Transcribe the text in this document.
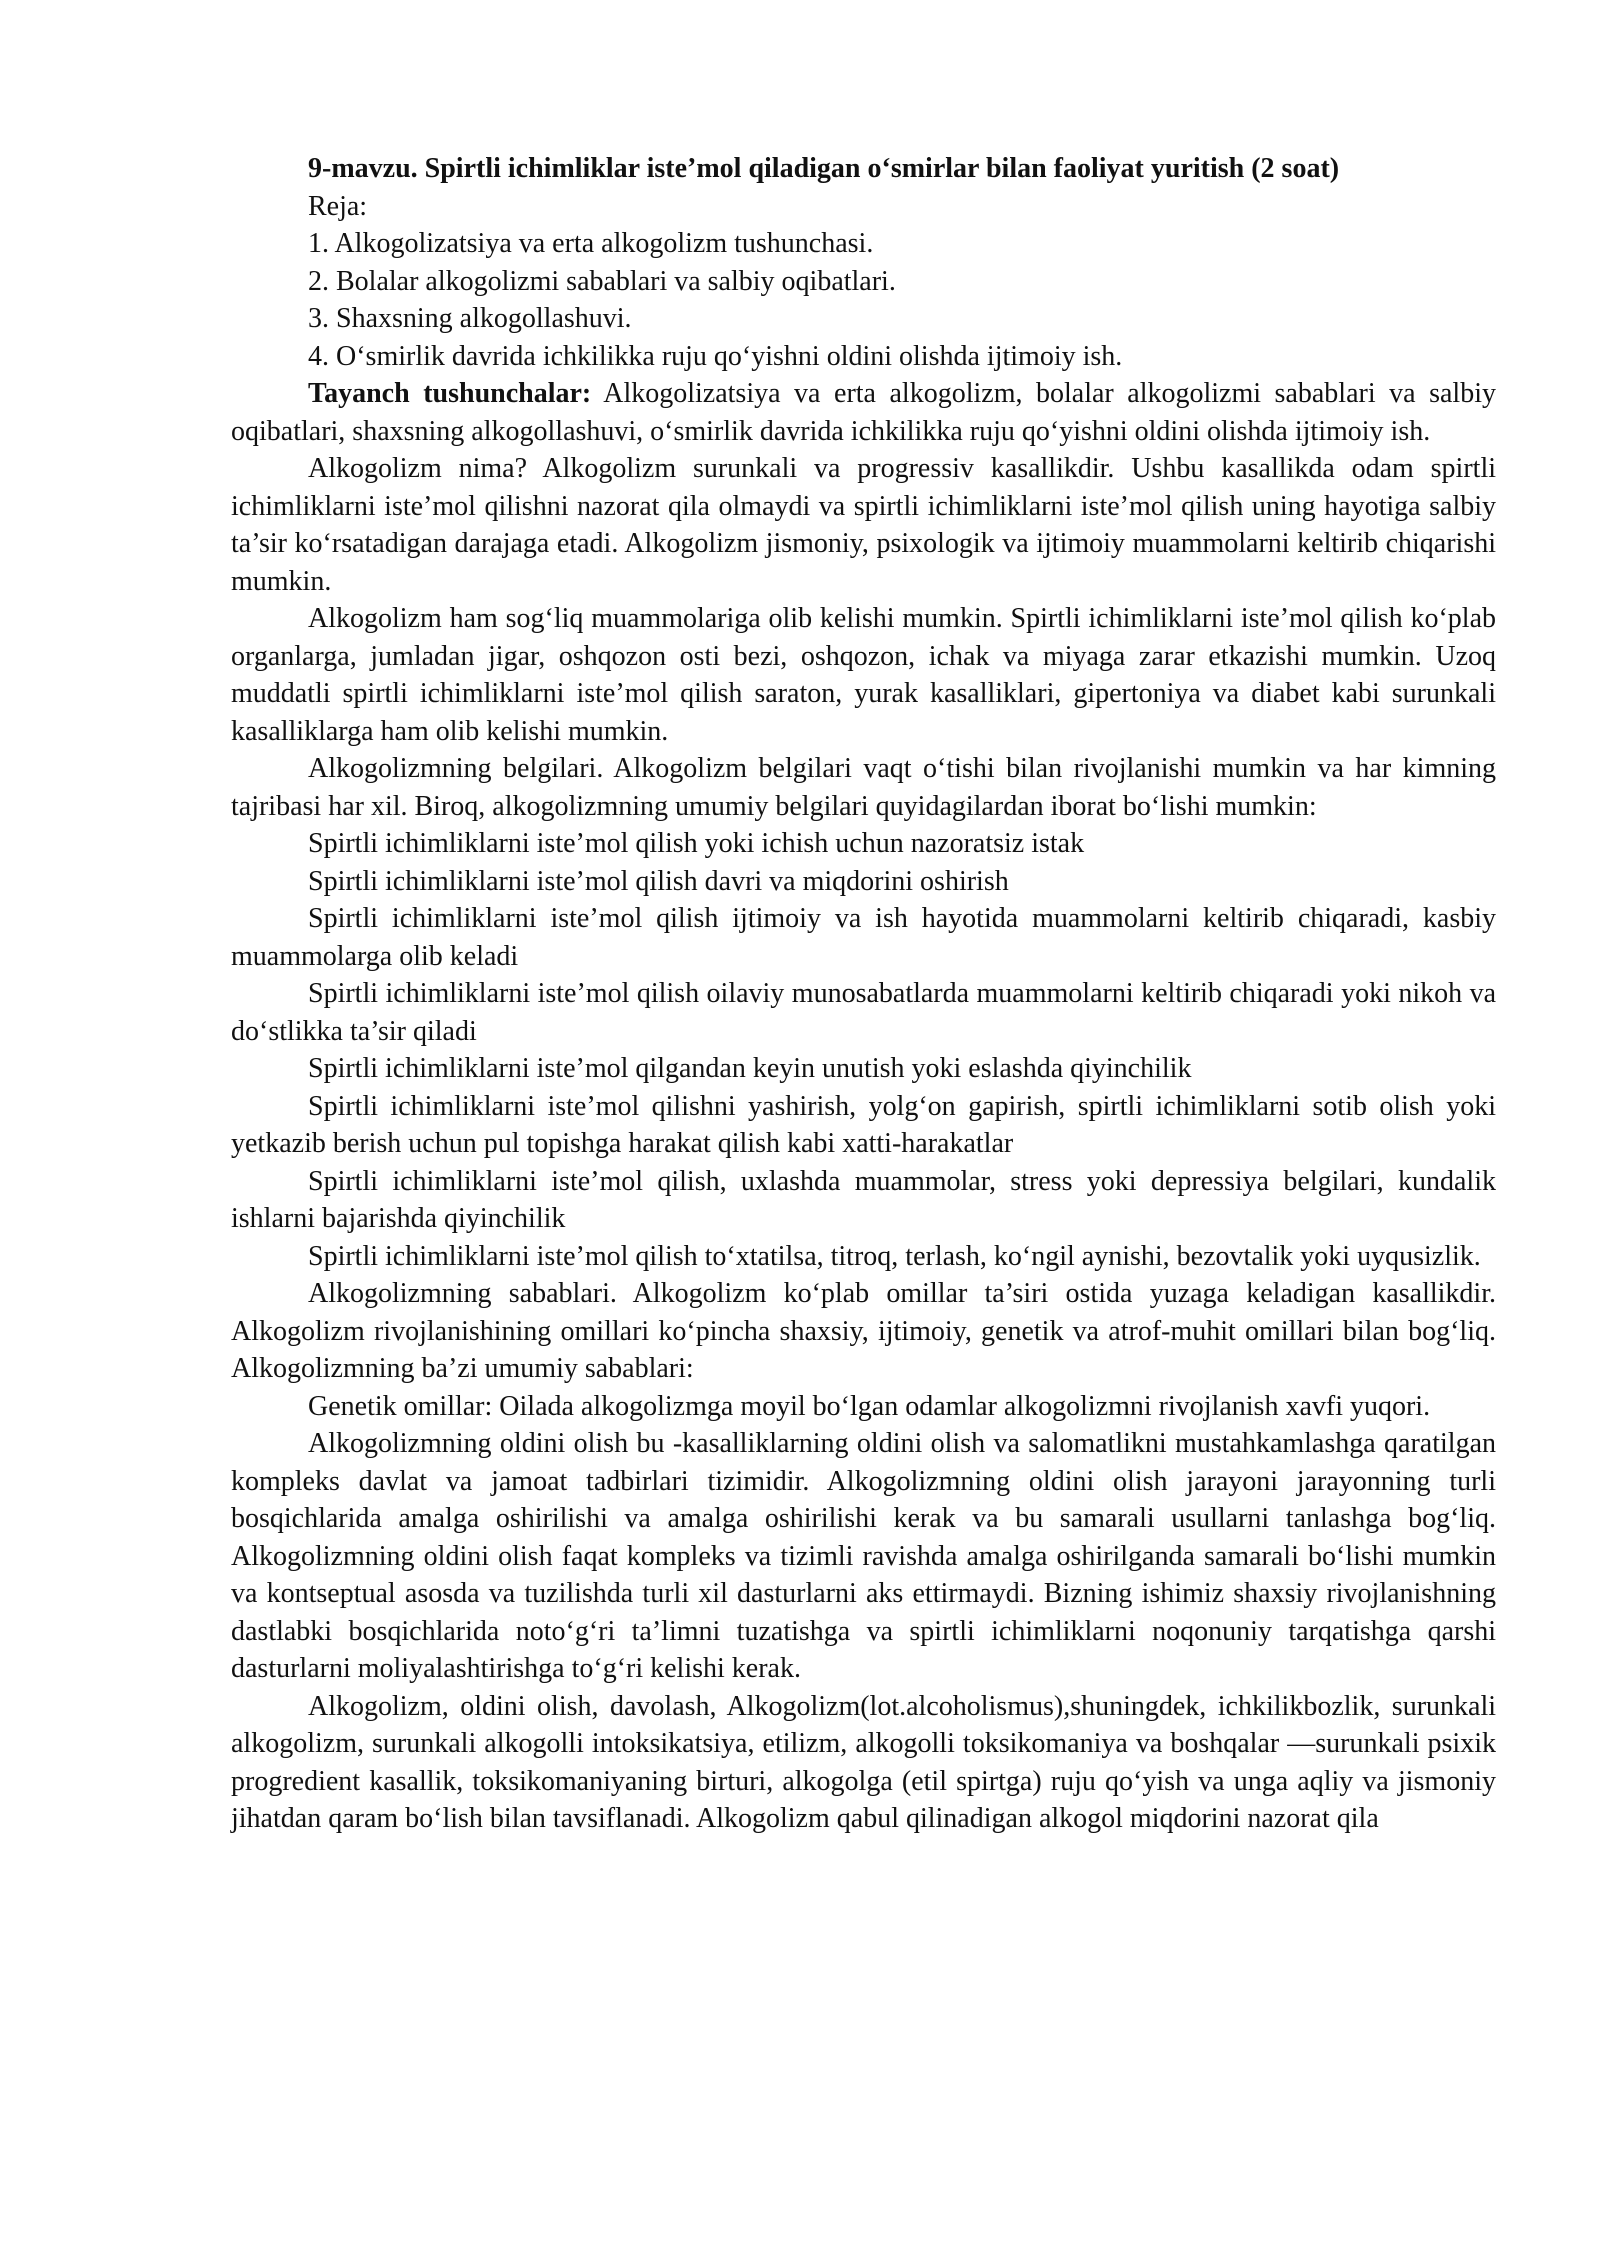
9-mavzu. Spirtli ichimliklar iste’mol qiladigan o‘smirlar bilan faoliyat yuritish (2 soat)

Reja:

1. Alkogolizatsiya va erta alkogolizm tushunchasi.

2. Bolalar alkogolizmi sabablari va salbiy oqibatlari.

3. Shaxsning alkogollashuvi.

4. O‘smirlik davrida ichkilikka ruju qo‘yishni oldini olishda ijtimoiy ish.

Tayanch tushunchalar: Alkogolizatsiya va erta alkogolizm, bolalar alkogolizmi sabablari va salbiy oqibatlari, shaxsning alkogollashuvi, o‘smirlik davrida ichkilikka ruju qo‘yishni oldini olishda ijtimoiy ish.

Alkogolizm nima? Alkogolizm surunkali va progressiv kasallikdir. Ushbu kasallikda odam spirtli ichimliklarni iste’mol qilishni nazorat qila olmaydi va spirtli ichimliklarni iste’mol qilish uning hayotiga salbiy ta’sir ko‘rsatadigan darajaga etadi. Alkogolizm jismoniy, psixologik va ijtimoiy muammolarni keltirib chiqarishi mumkin.

Alkogolizm ham sog‘liq muammolariga olib kelishi mumkin. Spirtli ichimliklarni iste’mol qilish ko‘plab organlarga, jumladan jigar, oshqozon osti bezi, oshqozon, ichak va miyaga zarar etkazishi mumkin. Uzoq muddatli spirtli ichimliklarni iste’mol qilish saraton, yurak kasalliklari, gipertoniya va diabet kabi surunkali kasalliklarga ham olib kelishi mumkin.

Alkogolizmning belgilari. Alkogolizm belgilari vaqt o‘tishi bilan rivojlanishi mumkin va har kimning tajribasi har xil. Biroq, alkogolizmning umumiy belgilari quyidagilardan iborat bo‘lishi mumkin:

Spirtli ichimliklarni iste’mol qilish yoki ichish uchun nazoratsiz istak

Spirtli ichimliklarni iste’mol qilish davri va miqdorini oshirish

Spirtli ichimliklarni iste’mol qilish ijtimoiy va ish hayotida muammolarni keltirib chiqaradi, kasbiy muammolarga olib keladi

Spirtli ichimliklarni iste’mol qilish oilaviy munosabatlarda muammolarni keltirib chiqaradi yoki nikoh va do‘stlikka ta’sir qiladi

Spirtli ichimliklarni iste’mol qilgandan keyin unutish yoki eslashda qiyinchilik

Spirtli ichimliklarni iste’mol qilishni yashirish, yolg‘on gapirish, spirtli ichimliklarni sotib olish yoki yetkazib berish uchun pul topishga harakat qilish kabi xatti-harakatlar

Spirtli ichimliklarni iste’mol qilish, uxlashda muammolar, stress yoki depressiya belgilari, kundalik ishlarni bajarishda qiyinchilik

Spirtli ichimliklarni iste’mol qilish to‘xtatilsa, titroq, terlash, ko‘ngil aynishi, bezovtalik yoki uyqusizlik.

Alkogolizmning sabablari. Alkogolizm ko‘plab omillar ta’siri ostida yuzaga keladigan kasallikdir. Alkogolizm rivojlanishining omillari ko‘pincha shaxsiy, ijtimoiy, genetik va atrof-muhit omillari bilan bog‘liq. Alkogolizmning ba’zi umumiy sabablari:

Genetik omillar: Oilada alkogolizmga moyil bo‘lgan odamlar alkogolizmni rivojlanish xavfi yuqori.

Alkogolizmning oldini olish bu -kasalliklarning oldini olish va salomatlikni mustahkamlashga qaratilgan kompleks davlat va jamoat tadbirlari tizimidir. Alkogolizmning oldini olish jarayoni jarayonning turli bosqichlarida amalga oshirilishi va amalga oshirilishi kerak va bu samarali usullarni tanlashga bog‘liq. Alkogolizmning oldini olish faqat kompleks va tizimli ravishda amalga oshirilganda samarali bo‘lishi mumkin va kontseptual asosda va tuzilishda turli xil dasturlarni aks ettirmaydi. Bizning ishimiz shaxsiy rivojlanishning dastlabki bosqichlarida noto‘g‘ri ta’limni tuzatishga va spirtli ichimliklarni noqonuniy tarqatishga qarshi dasturlarni moliyalashtirishga to‘g‘ri kelishi kerak.

Alkogolizm, oldini olish, davolash, Alkogolizm(lot.alcoholismus),shuningdek, ichkilikbozlik, surunkali alkogolizm, surunkali alkogolli intoksikatsiya, etilizm, alkogolli toksikomaniya va boshqalar —surunkali psixik progredient kasallik, toksikomaniyaning birturi, alkogolga (etil spirtga) ruju qo‘yish va unga aqliy va jismoniy jihatdan qaram bo‘lish bilan tavsiflanadi. Alkogolizm qabul qilinadigan alkogol miqdorini nazorat qila
